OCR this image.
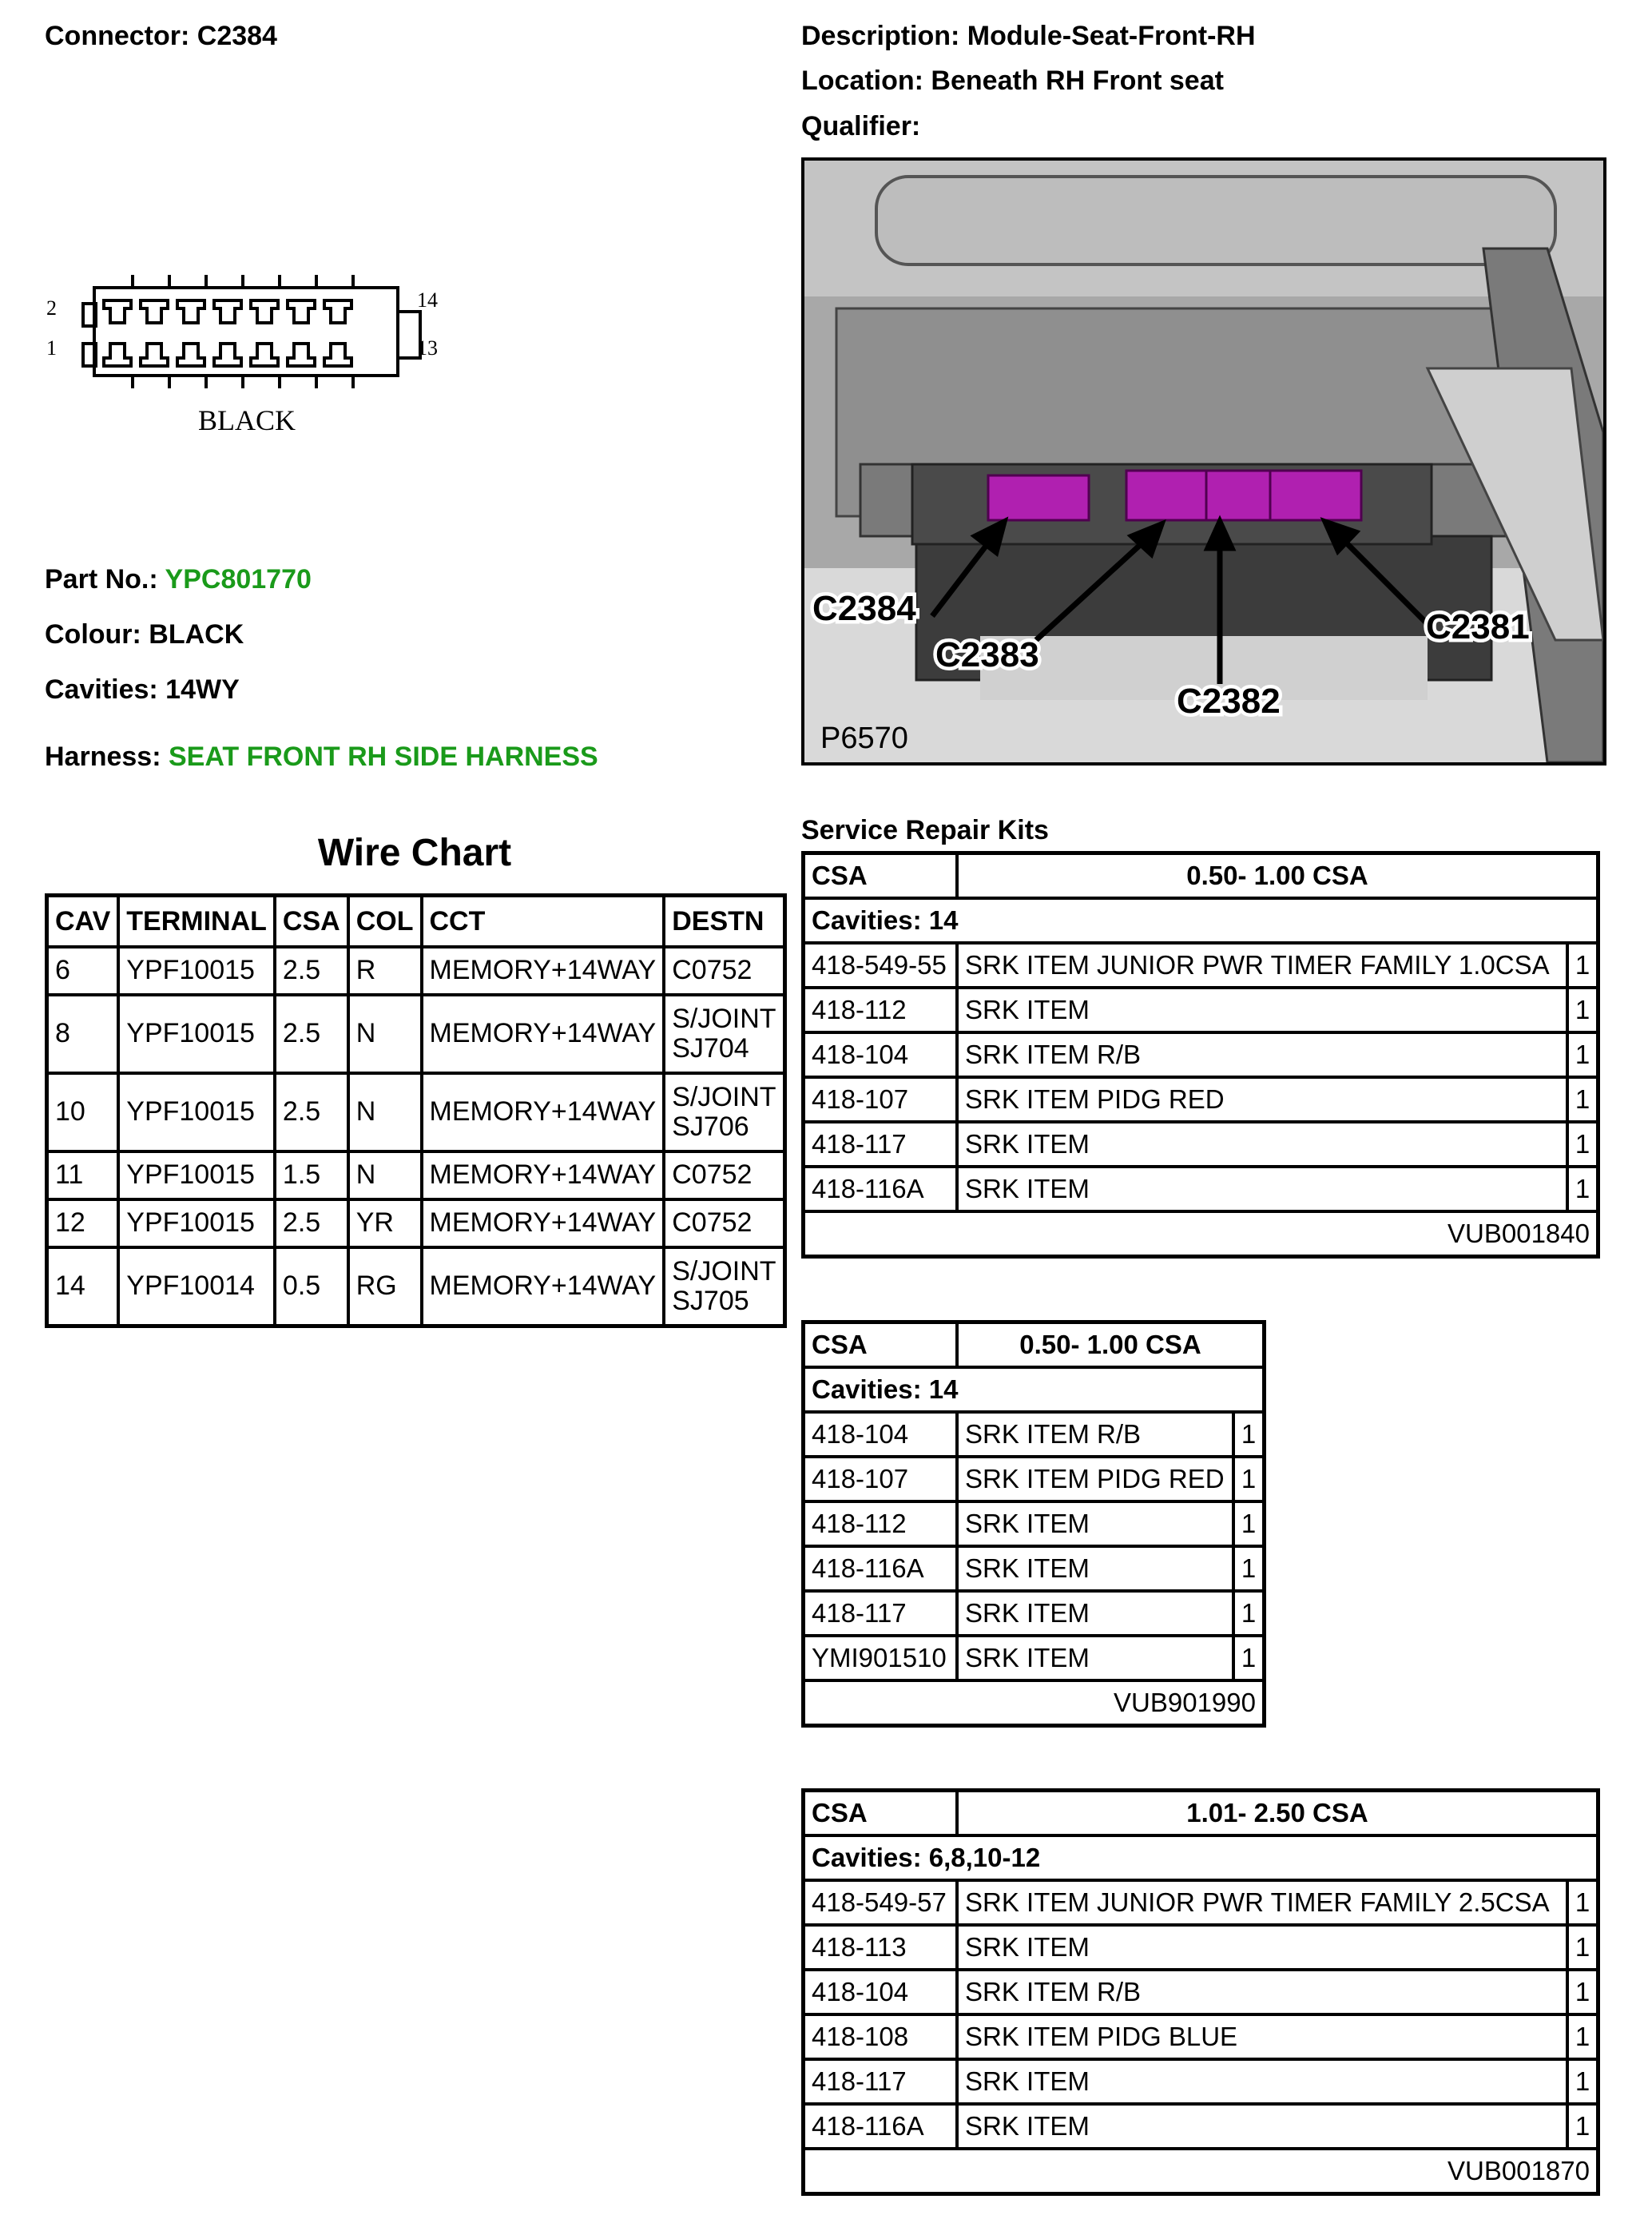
Connector: C2384	Description: Module-Seat-Front-RH
Location: Beneath RH Front seat
Qualifier:
2
1
14
13
BLACK
Part No.: YPC801770
Colour: BLACK
Cavities: 14WY
Harness: SEAT FRONT RH SIDE HARNESS
C2384
C2383
C2382
C2381
P6570
Wire Chart
CAV	TERMINAL	CSA	COL	CCT	DESTN
6	YPF10015	2.5	R	MEMORY+14WAY	C0752

8	YPF10015	2.5	N	MEMORY+14WAY	S/JOINT
SJ704
10	YPF10015	2.5	N	MEMORY+14WAY	S/JOINT
SJ706
11	YPF10015	1.5	N	MEMORY+14WAY	C0752

12	YPF10015	2.5	YR	MEMORY+14WAY	C0752

14	YPF10014	0.5	RG	MEMORY+14WAY	S/JOINT
SJ705
Service Repair Kits
CSA	0.50- 1.00 CSA	
Cavities: 14		
418-549-55	SRK ITEM JUNIOR PWR TIMER FAMILY 1.0CSA	1
418-112	SRK ITEM	1
418-104	SRK ITEM R/B	1
418-107	SRK ITEM PIDG RED	1
418-117	SRK ITEM	1
418-116A	SRK ITEM	1
VUB001840		
CSA	0.50- 1.00 CSA	
Cavities: 14		
418-104	SRK ITEM R/B	1
418-107	SRK ITEM PIDG RED	1
418-112	SRK ITEM	1
418-116A	SRK ITEM	1
418-117	SRK ITEM	1
YMI901510	SRK ITEM	1
VUB901990		
CSA	1.01- 2.50 CSA	
Cavities: 6,8,10-12		
418-549-57	SRK ITEM JUNIOR PWR TIMER FAMILY 2.5CSA	1
418-113	SRK ITEM	1
418-104	SRK ITEM R/B	1
418-108	SRK ITEM PIDG BLUE	1
418-117	SRK ITEM	1
418-116A	SRK ITEM	1
VUB001870		
